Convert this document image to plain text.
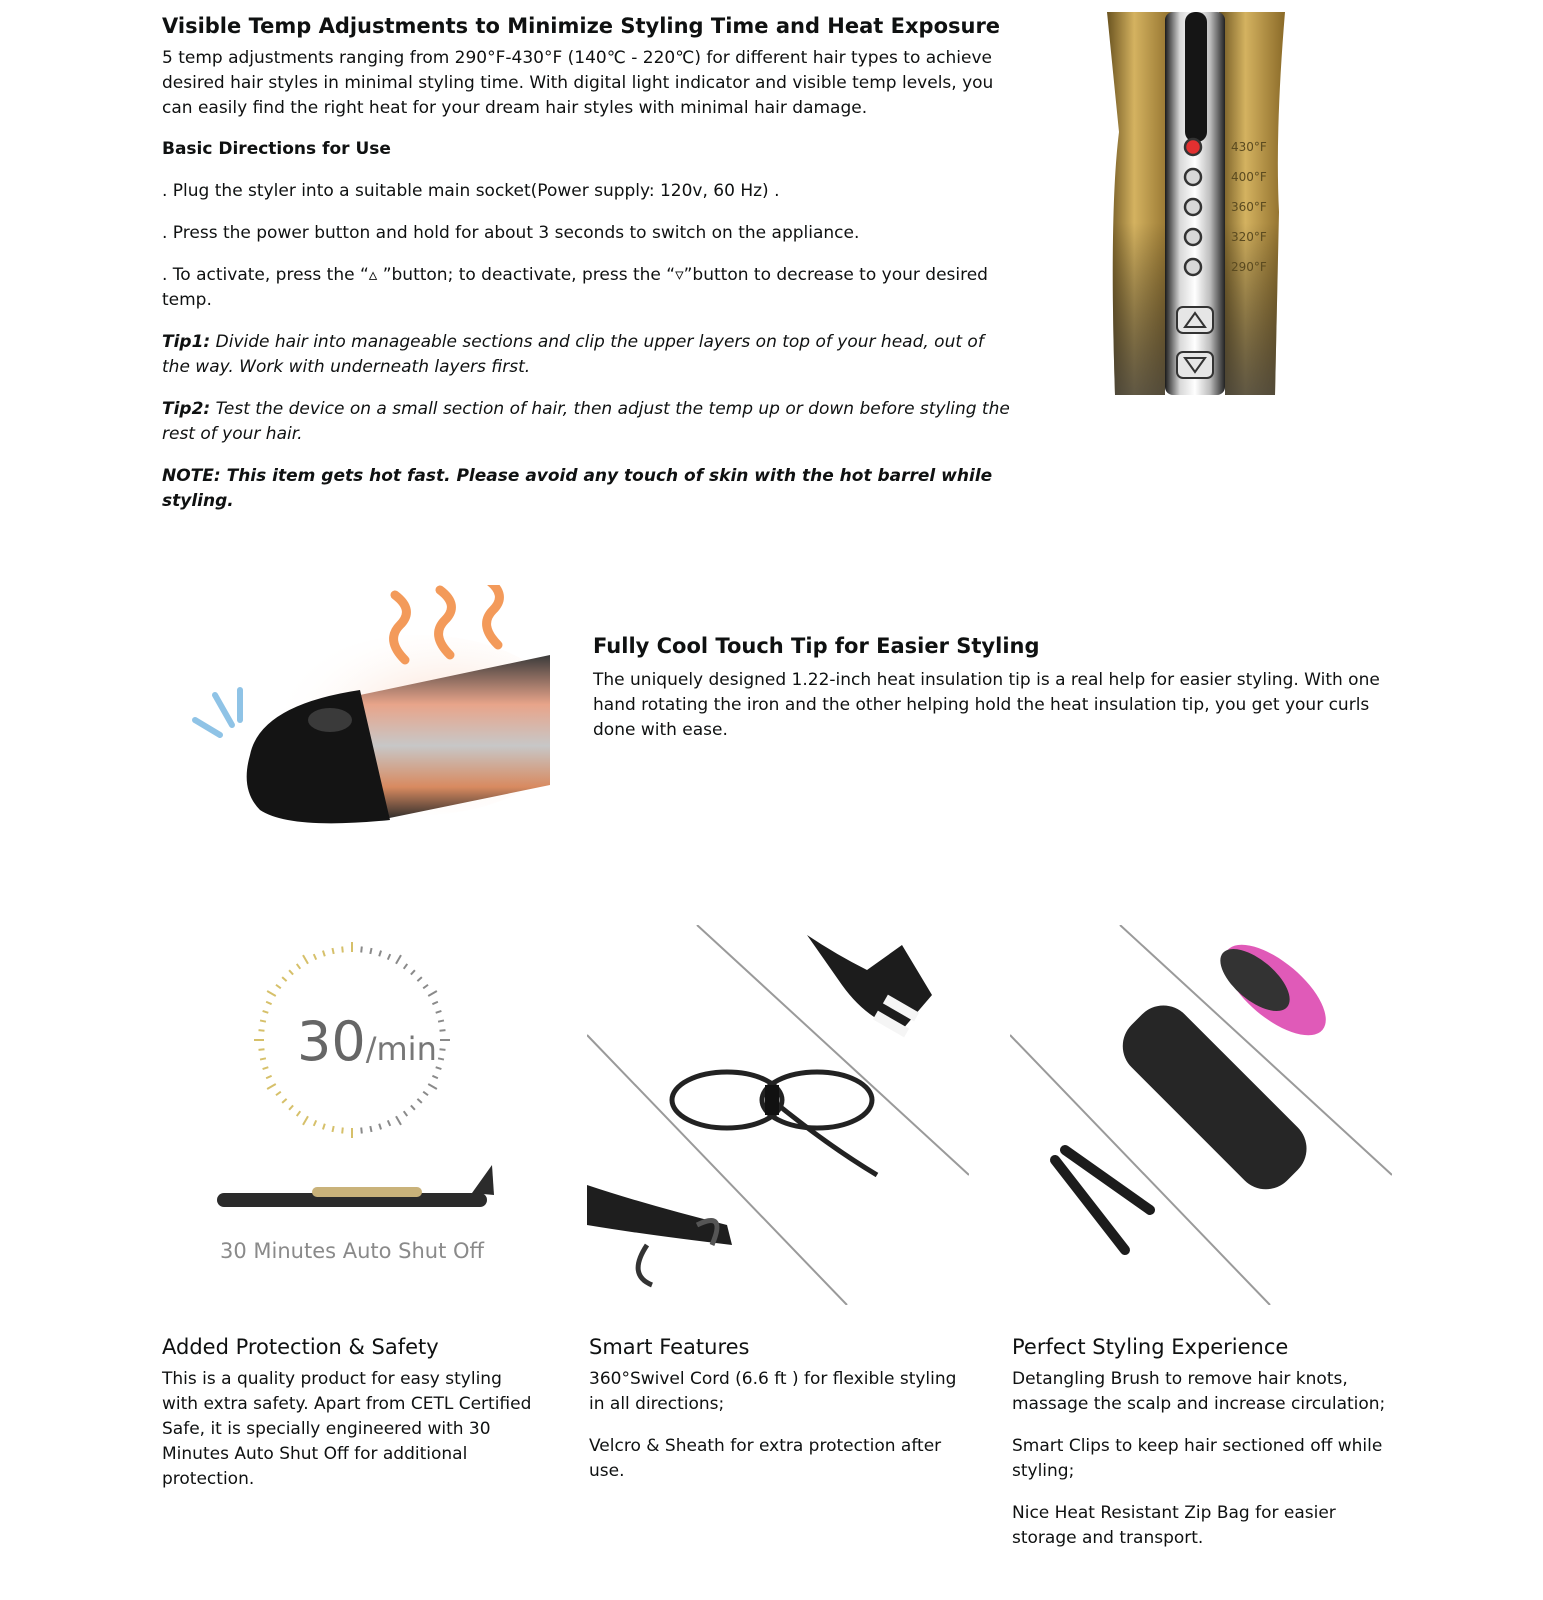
Visible Temp Adjustments to Minimize Styling Time and Heat Exposure

5 temp adjustments ranging from 290°F-430°F (140℃ - 220℃) for different hair types to achieve desired hair styles in minimal styling time. With digital light indicator and visible temp levels, you can easily find the right heat for your dream hair styles with minimal hair damage.

Basic Directions for Use

. Plug the styler into a suitable main socket(Power supply: 120v, 60 Hz) .

. Press the power button and hold for about 3 seconds to switch on the appliance.

. To activate, press the “▵ ”button; to deactivate, press the “▿”button to decrease to your desired temp.

Tip1: Divide hair into manageable sections and clip the upper layers on top of your head, out of the way. Work with underneath layers first.

Tip2: Test the device on a small section of hair, then adjust the temp up or down before styling the rest of your hair.

NOTE: This item gets hot fast. Please avoid any touch of skin with the hot barrel while styling.

430°F
400°F
360°F
320°F
290°F
Fully Cool Touch Tip for Easier Styling

The uniquely designed 1.22-inch heat insulation tip is a real help for easier styling. With one hand rotating the iron and the other helping hold the heat insulation tip, you get your curls done with ease.

30/min
30 Minutes Auto Shut Off
Added Protection & Safety

This is a quality product for easy styling with extra safety. Apart from CETL Certified Safe, it is specially engineered with 30 Minutes Auto Shut Off for additional protection.

Smart Features

360°Swivel Cord (6.6 ft ) for flexible styling in all directions;

Velcro & Sheath for extra protection after use.

Perfect Styling Experience

Detangling Brush to remove hair knots, massage the scalp and increase circulation;

Smart Clips to keep hair sectioned off while styling;

Nice Heat Resistant Zip Bag for easier storage and transport.
